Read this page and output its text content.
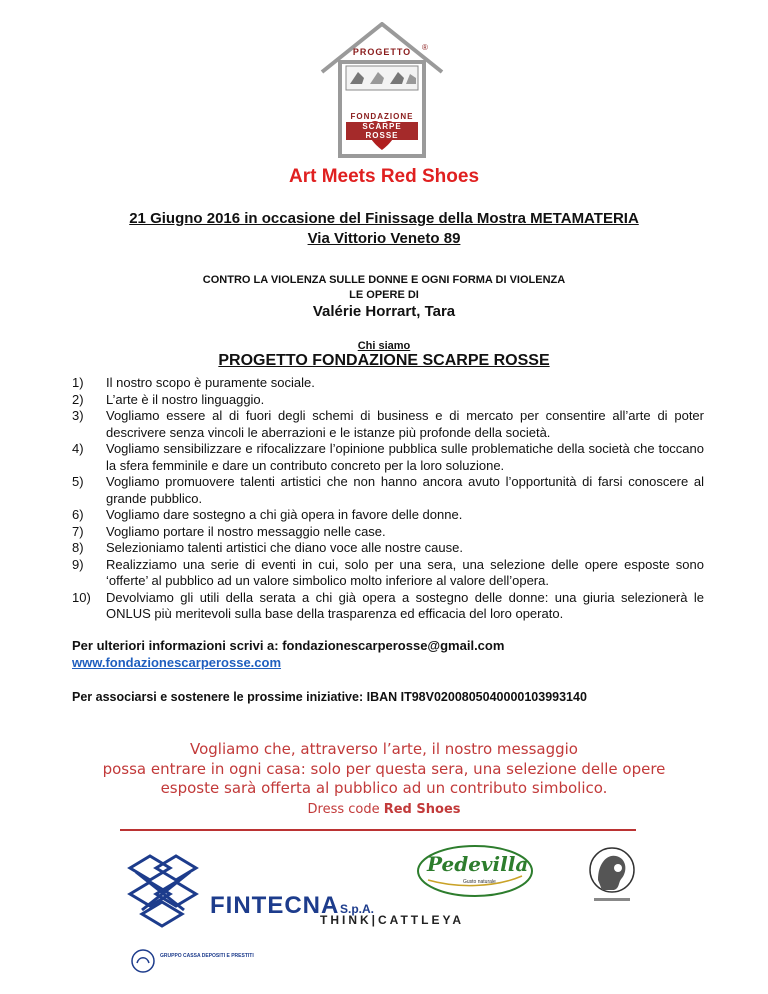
PROGETTO	®
FONDAZIONE
SCARPE ROSSE
Art Meets Red Shoes
21 Giugno 2016 in occasione del Finissage della Mostra METAMATERIA
Via Vittorio Veneto 89
CONTRO LA VIOLENZA SULLE DONNE E OGNI FORMA DI VIOLENZA
LE OPERE DI
Valérie Horrart, Tara
Chi siamo
PROGETTO FONDAZIONE SCARPE ROSSE
1) Il nostro scopo è puramente sociale.
2) L’arte è il nostro linguaggio.
3) Vogliamo essere al di fuori degli schemi di business e di mercato per consentire all’arte di poter descrivere senza vincoli le aberrazioni e le istanze più profonde della società.
4) Vogliamo sensibilizzare e rifocalizzare l’opinione pubblica sulle problematiche della società che toccano la sfera femminile e dare un contributo concreto per la loro soluzione.
5) Vogliamo promuovere talenti artistici che non hanno ancora avuto l’opportunità di farsi conoscere al grande pubblico.
6) Vogliamo dare sostegno a chi già opera in favore delle donne.
7) Vogliamo portare il nostro messaggio nelle case.
8) Selezioniamo talenti artistici che diano voce alle nostre cause.
9) Realizziamo una serie di eventi in cui, solo per una sera, una selezione delle opere esposte sono ‘offerte’ al pubblico ad un valore simbolico molto inferiore al valore dell’opera.
10) Devolviamo gli utili della serata a chi già opera a sostegno delle donne: una giuria selezionerà le ONLUS più meritevoli sulla base della trasparenza ed efficacia del loro operato.
Per ulteriori informazioni scrivi a: fondazionescarperosse@gmail.com
www.fondazionescarperosse.com
Per associarsi e sostenere le prossime iniziative: IBAN IT98V0200805040000103993140
Vogliamo che, attraverso l’arte, il nostro messaggio
possa entrare in ogni casa: solo per questa sera, una selezione delle opere
esposte sarà offerta al pubblico ad un contributo simbolico.
Dress code Red Shoes
GRUPPO CASSA DEPOSITI E PRESTITI
FINTECNA S.p.A.
THINK|CATTLEYA
Pedevilla
Gusto naturale
